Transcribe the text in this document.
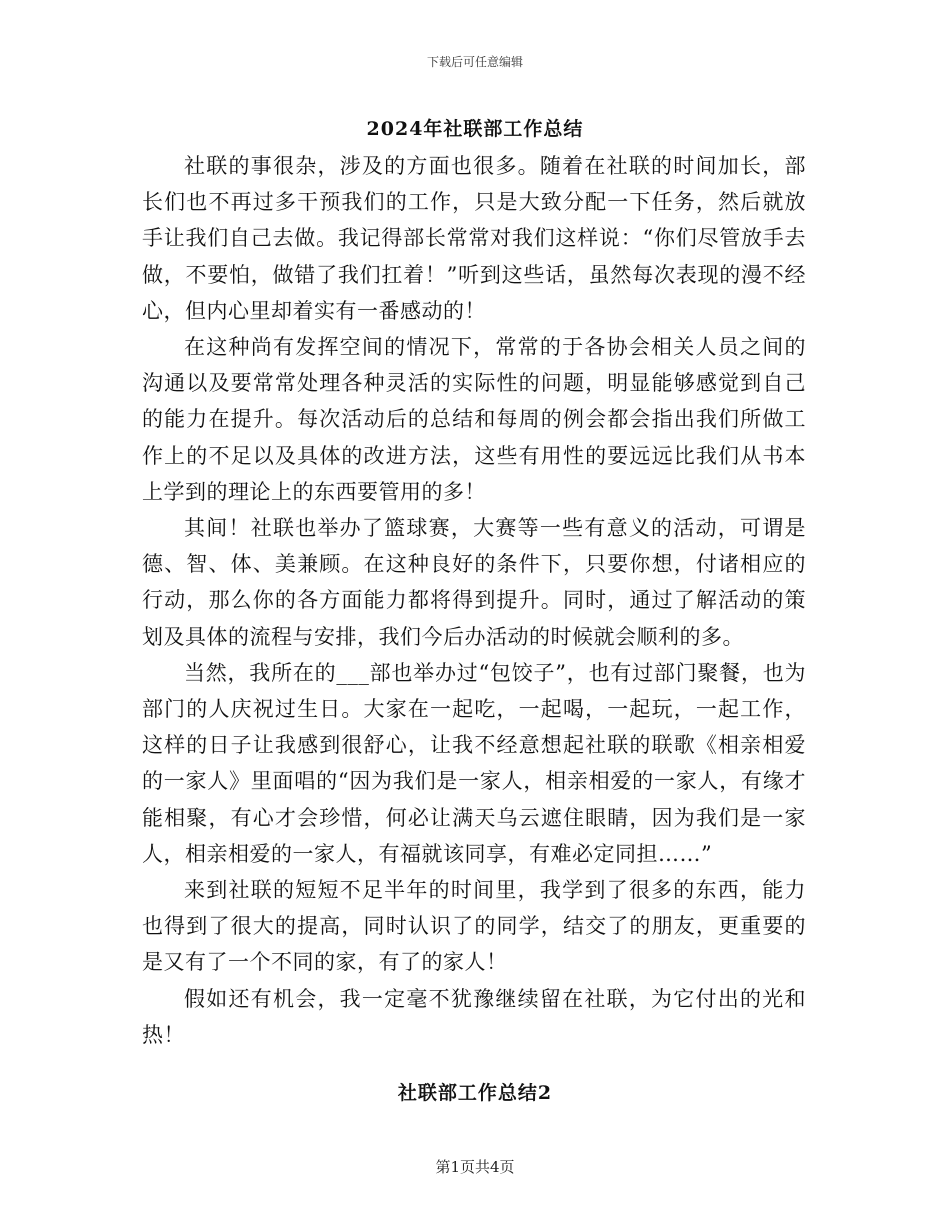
下载后可任意编辑
2024年社联部工作总结

社联的事很杂，涉及的方面也很多。随着在社联的时间加长，部长们也不再过多干预我们的工作，只是大致分配一下任务，然后就放手让我们自己去做。我记得部长常常对我们这样说：“你们尽管放手去做，不要怕，做错了我们扛着！”听到这些话，虽然每次表现的漫不经心，但内心里却着实有一番感动的！

在这种尚有发挥空间的情况下，常常的于各协会相关人员之间的沟通以及要常常处理各种灵活的实际性的问题，明显能够感觉到自己的能力在提升。每次活动后的总结和每周的例会都会指出我们所做工作上的不足以及具体的改进方法，这些有用性的要远远比我们从书本上学到的理论上的东西要管用的多！

其间！社联也举办了篮球赛，大赛等一些有意义的活动，可谓是德、智、体、美兼顾。在这种良好的条件下，只要你想，付诸相应的行动，那么你的各方面能力都将得到提升。同时，通过了解活动的策划及具体的流程与安排，我们今后办活动的时候就会顺利的多。

当然，我所在的___部也举办过“包饺子”，也有过部门聚餐，也为部门的人庆祝过生日。大家在一起吃，一起喝，一起玩，一起工作，这样的日子让我感到很舒心，让我不经意想起社联的联歌《相亲相爱的一家人》里面唱的“因为我们是一家人，相亲相爱的一家人，有缘才能相聚，有心才会珍惜，何必让满天乌云遮住眼睛，因为我们是一家人，相亲相爱的一家人，有福就该同享，有难必定同担……”

来到社联的短短不足半年的时间里，我学到了很多的东西，能力也得到了很大的提高，同时认识了的同学，结交了的朋友，更重要的是又有了一个不同的家，有了的家人！

假如还有机会，我一定毫不犹豫继续留在社联，为它付出的光和热！

社联部工作总结2
第1页共4页
